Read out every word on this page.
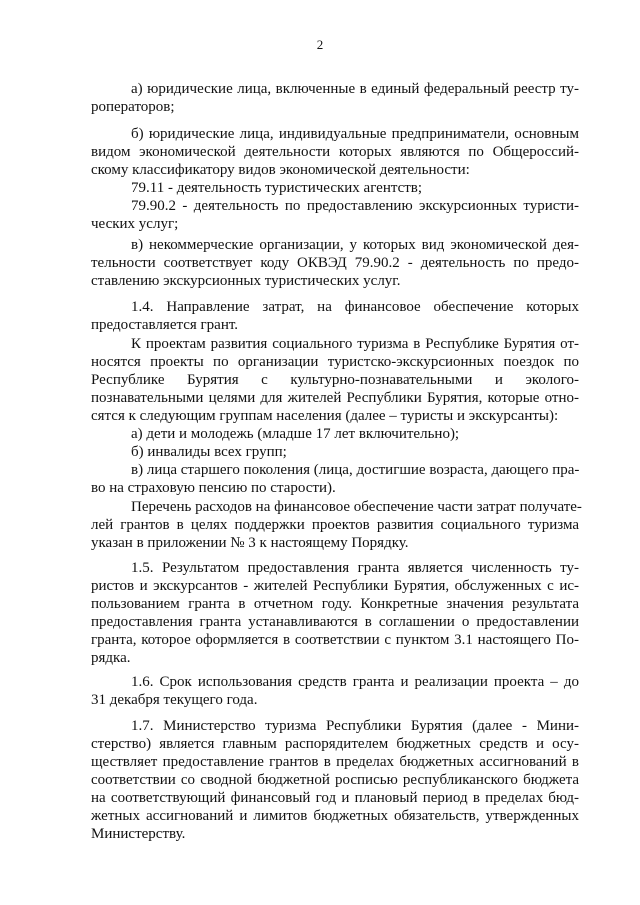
2
а) юридические лица, включенные в единый федеральный реестр ту-
роператоров;
б) юридические лица, индивидуальные предприниматели, основным
видом экономической деятельности которых являются по Общероссий-
скому классификатору видов экономической деятельности:
79.11 - деятельность туристических агентств;
79.90.2 - деятельность по предоставлению экскурсионных туристи-
ческих услуг;
в) некоммерческие организации, у которых вид экономической дея-
тельности соответствует коду ОКВЭД 79.90.2 - деятельность по предо-
ставлению экскурсионных туристических услуг.
1.4. Направление затрат, на финансовое обеспечение которых
предоставляется грант.
К проектам развития социального туризма в Республике Бурятия от-
носятся проекты по организации туристско-экскурсионных поездок по
Республике Бурятия с культурно-познавательными и эколого-
познавательными целями для жителей Республики Бурятия, которые отно-
сятся к следующим группам населения (далее – туристы и экскурсанты):
а) дети и молодежь (младше 17 лет включительно);
б) инвалиды всех групп;
в) лица старшего поколения (лица, достигшие возраста, дающего пра-
во на страховую пенсию по старости).
Перечень расходов на финансовое обеспечение части затрат получате-
лей грантов в целях поддержки проектов развития социального туризма
указан в приложении № 3 к настоящему Порядку.
1.5. Результатом предоставления гранта является численность ту-
ристов и экскурсантов - жителей Республики Бурятия, обслуженных с ис-
пользованием гранта в отчетном году. Конкретные значения результата
предоставления гранта устанавливаются в соглашении о предоставлении
гранта, которое оформляется в соответствии с пунктом 3.1 настоящего По-
рядка.
1.6. Срок использования средств гранта и реализации проекта – до
31 декабря текущего года.
1.7. Министерство туризма Республики Бурятия (далее - Мини-
стерство) является главным распорядителем бюджетных средств и осу-
ществляет предоставление грантов в пределах бюджетных ассигнований в
соответствии со сводной бюджетной росписью республиканского бюджета
на соответствующий финансовый год и плановый период в пределах бюд-
жетных ассигнований и лимитов бюджетных обязательств, утвержденных
Министерству.
